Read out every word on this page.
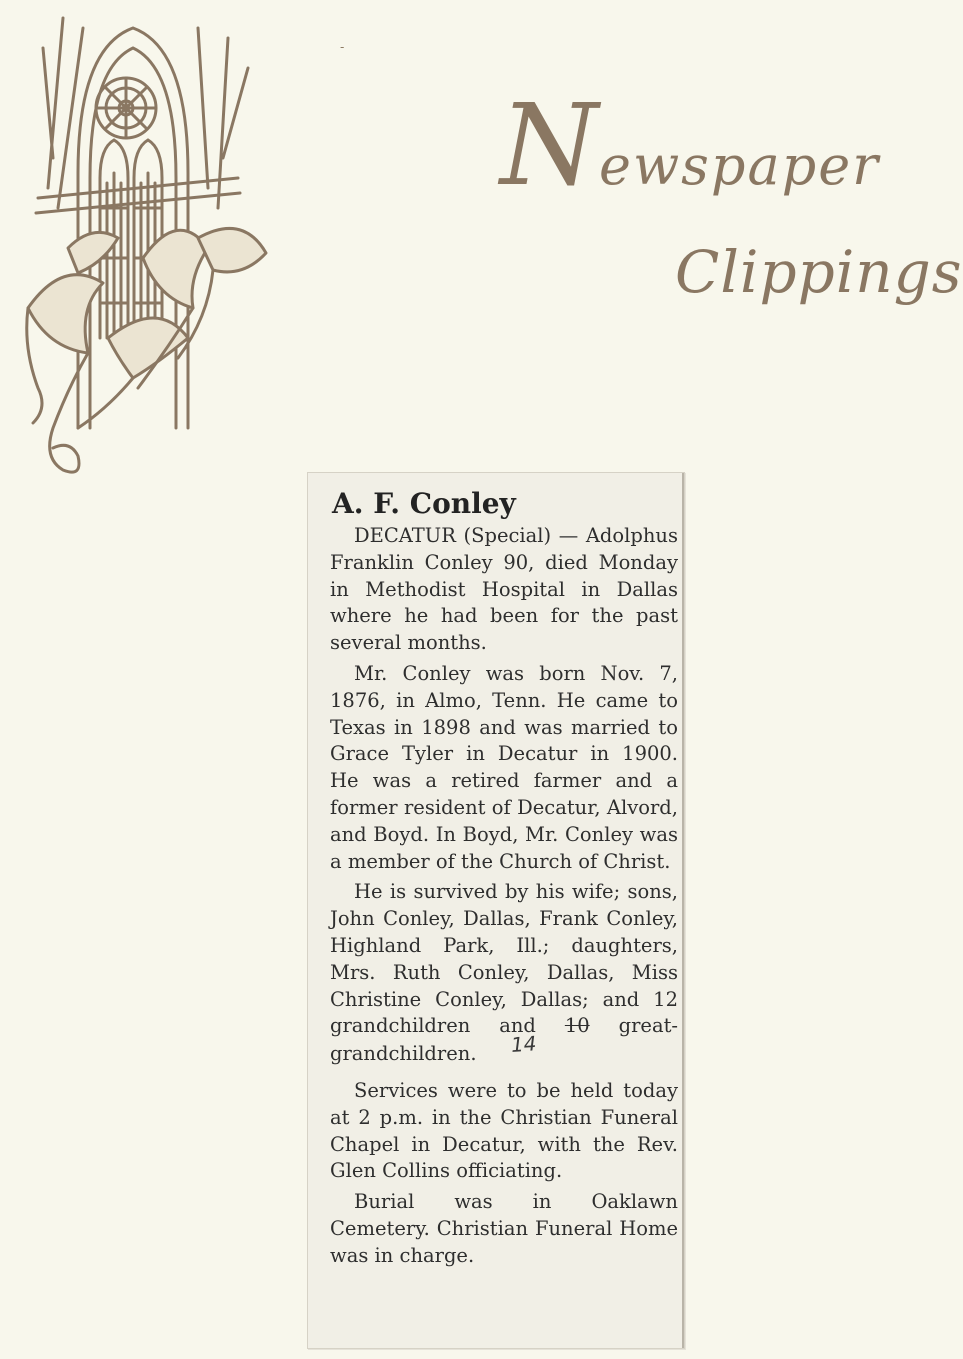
-
Newspaper
Clippings
A. F. Conley

DECATUR (Special) — Adolphus Franklin Conley 90, died Monday in Methodist Hospital in Dallas where he had been for the past several months.

Mr. Conley was born Nov. 7, 1876, in Almo, Tenn. He came to Texas in 1898 and was married to Grace Tyler in Decatur in 1900. He was a retired farmer and a former resident of Decatur, Alvord, and Boyd. In Boyd, Mr. Conley was a member of the Church of Christ.

He is survived by his wife; sons, John Conley, Dallas, Frank Conley, Highland Park, Ill.; daughters, Mrs. Ruth Conley, Dallas, Miss Christine Conley, Dallas; and 12 grandchildren and 10 great-grandchildren. 14

Services were to be held today at 2 p.m. in the Christian Funeral Chapel in Decatur, with the Rev. Glen Collins officiating.

Burial was in Oaklawn Cemetery. Christian Funeral Home was in charge.
